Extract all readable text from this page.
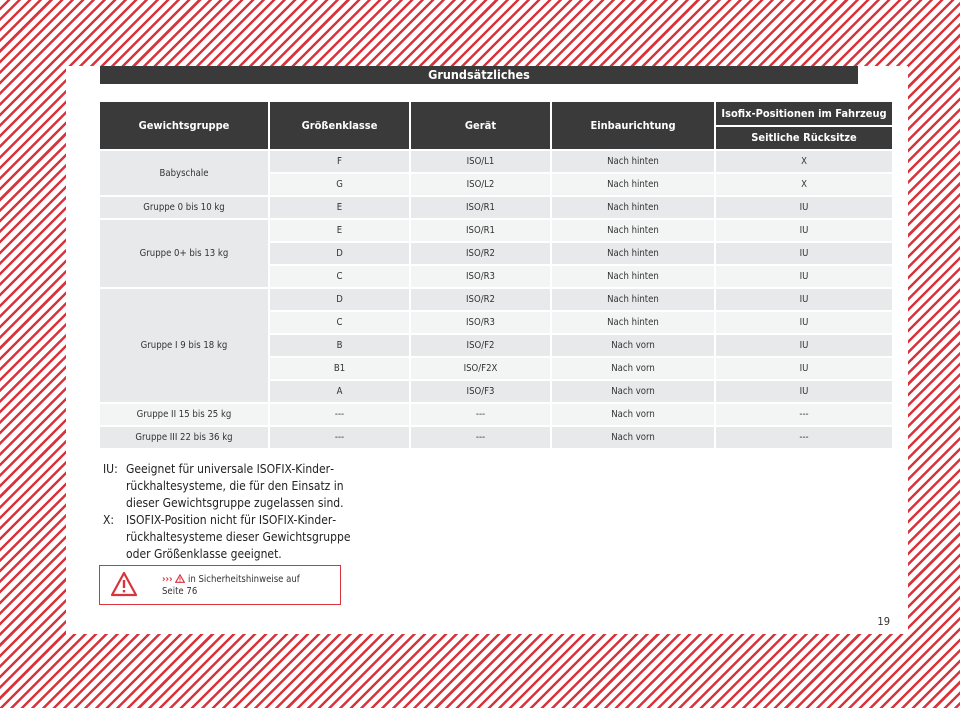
Grundsätzliches
Gewichtsgruppe	Größenklasse	Gerät	Einbaurichtung	Isofix-Positionen im Fahrzeug
				Seitliche Rücksitze
Babyschale	F	ISO/L1	Nach hinten	X
	G	ISO/L2	Nach hinten	X
Gruppe 0 bis 10 kg	E	ISO/R1	Nach hinten	IU
Gruppe 0+ bis 13 kg	E	ISO/R1	Nach hinten	IU
	D	ISO/R2	Nach hinten	IU
	C	ISO/R3	Nach hinten	IU
Gruppe I 9 bis 18 kg	D	ISO/R2	Nach hinten	IU
	C	ISO/R3	Nach hinten	IU
	B	ISO/F2	Nach vorn	IU
	B1	ISO/F2X	Nach vorn	IU
	A	ISO/F3	Nach vorn	IU
Gruppe II 15 bis 25 kg	---	---	Nach vorn	---
Gruppe III 22 bis 36 kg	---	---	Nach vorn	---
IU: Geeignet für universale ISOFIX-Kinderrückhaltesysteme, die für den Einsatz in dieser Gewichtsgruppe zugelassen sind.
X: ISOFIX-Position nicht für ISOFIX-Kinderrückhaltesysteme dieser Gewichtsgruppe oder Größenklasse geeignet.
›››  in Sicherheitshinweise auf
Seite 76
19
